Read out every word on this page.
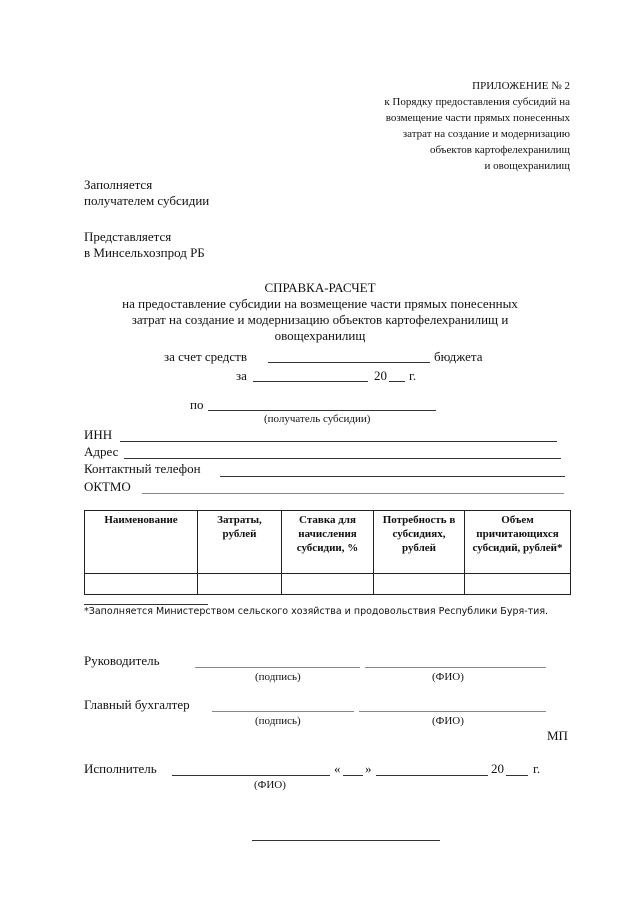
ПРИЛОЖЕНИЕ № 2
к Порядку предоставления субсидий на
возмещение части прямых понесенных
затрат на создание и модернизацию
объектов картофелехранилищ
и овощехранилищ
Заполняется
получателем субсидии
Представляется
в Минсельхозпрод РБ
СПРАВКА-РАСЧЕТ
на предоставление субсидии на возмещение части прямых понесенных
затрат на создание и модернизацию объектов картофелехранилищ и
овощехранилищ
за счет средств	бюджета
за	20 г.
по
(получатель субсидии)
ИНН
Адрес
Контактный телефон
ОКТМО
Наименование	Затраты, рублей	Ставка для начисления субсидии, %	Потребность в субсидиях, рублей	Объем причитающихся субсидий, рублей*

*Заполняется Министерством сельского хозяйства и продовольствия Республики Буря-тия.
Руководитель
(подпись)	(ФИО)
Главный бухгалтер
(подпись)	(ФИО)
МП
Исполнитель	« »	20 г.
(ФИО)
